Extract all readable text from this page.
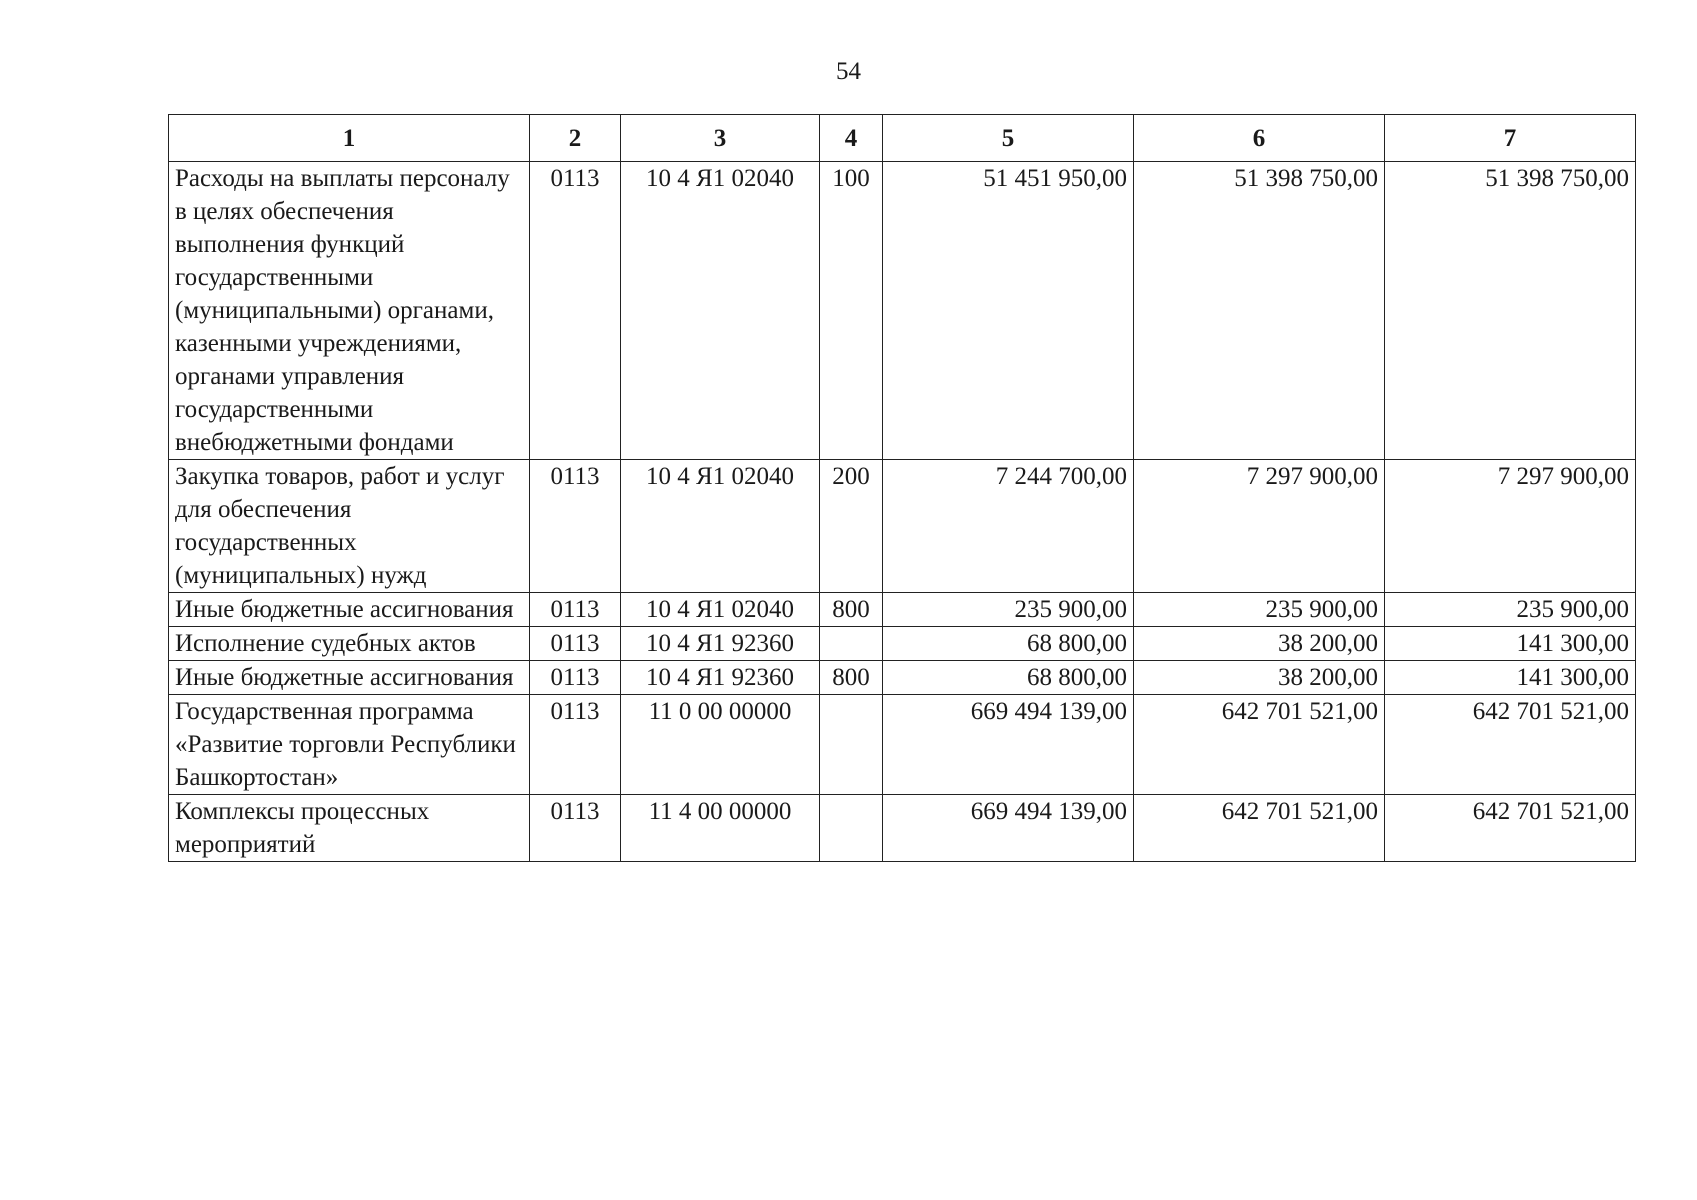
54
1	2	3	4	5	6	7
Расходы на выплаты персоналу в целях обеспечения выполнения функций государственными (муниципальными) органами, казенными учреждениями, органами управления государственными внебюджетными фондами	0113	10 4 Я1 02040	100	51 451 950,00	51 398 750,00	51 398 750,00
Закупка товаров, работ и услуг для обеспечения государственных (муниципальных) нужд	0113	10 4 Я1 02040	200	7 244 700,00	7 297 900,00	7 297 900,00
Иные бюджетные ассигнования	0113	10 4 Я1 02040	800	235 900,00	235 900,00	235 900,00
Исполнение судебных актов	0113	10 4 Я1 92360		68 800,00	38 200,00	141 300,00
Иные бюджетные ассигнования	0113	10 4 Я1 92360	800	68 800,00	38 200,00	141 300,00
Государственная программа «Развитие торговли Республики Башкортостан»	0113	11 0 00 00000		669 494 139,00	642 701 521,00	642 701 521,00
Комплексы процессных мероприятий	0113	11 4 00 00000		669 494 139,00	642 701 521,00	642 701 521,00
